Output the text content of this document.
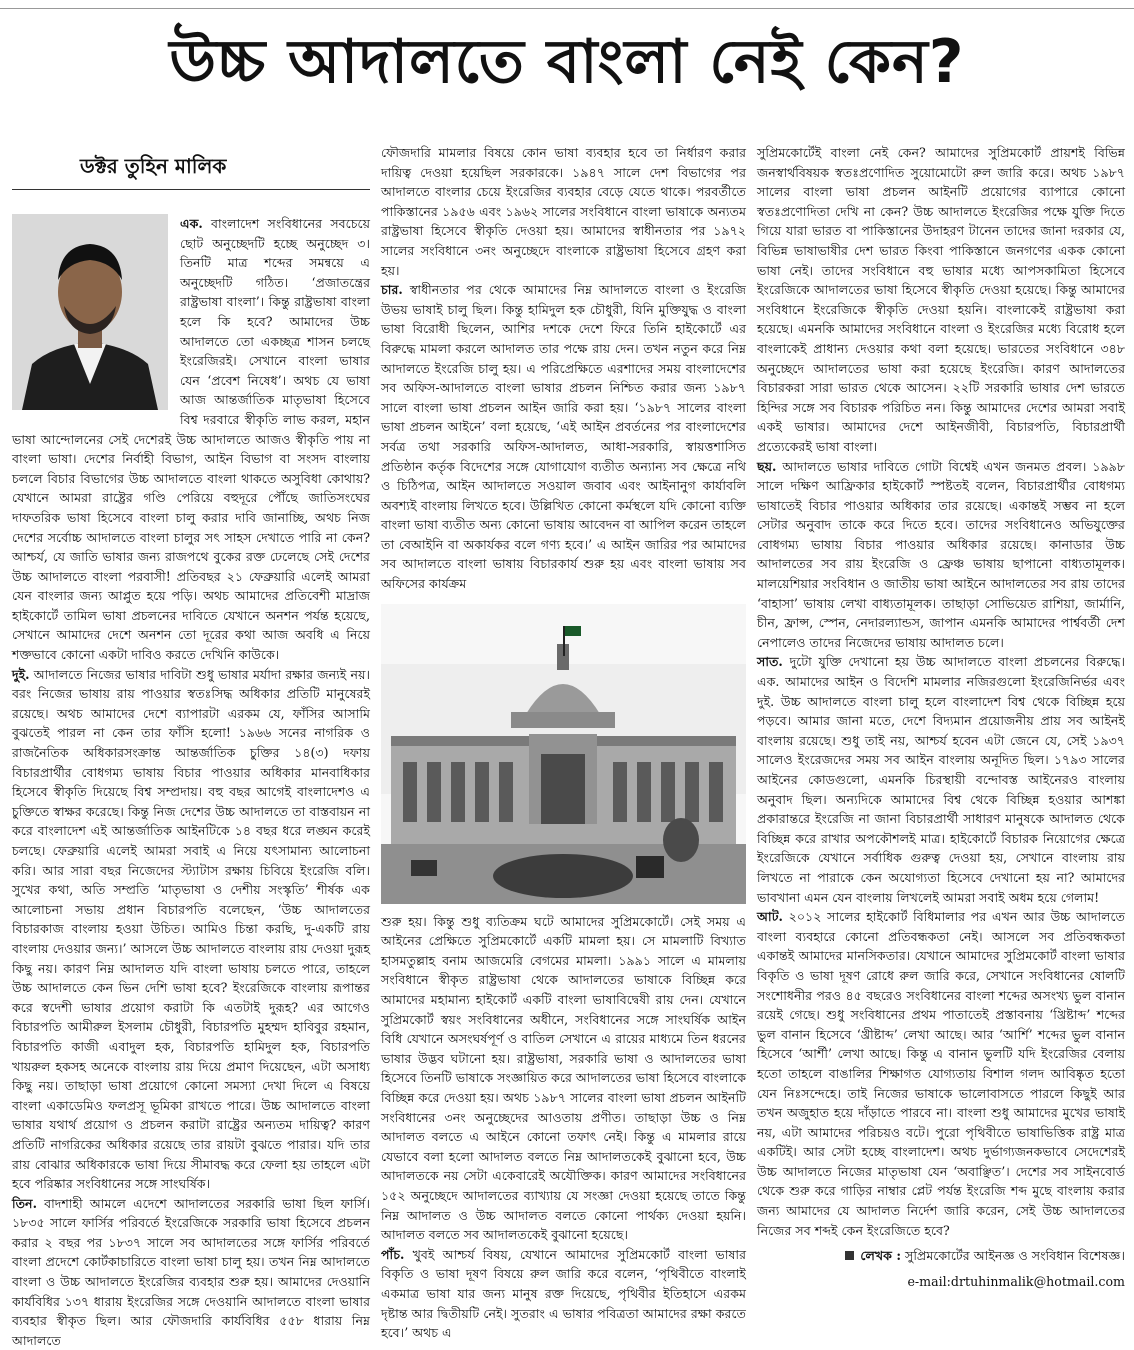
উচ্চ আদালতে বাংলা নেই কেন?
ডক্টর তুহিন মালিক

এক. বাংলাদেশ সংবিধানের সবচেয়ে ছোট অনুচ্ছেদটি হচ্ছে অনুচ্ছেদ ৩। তিনটি মাত্র শব্দের সমন্বয়ে এ অনুচ্ছেদটি গঠিত। ‘প্রজাতন্ত্রের রাষ্ট্রভাষা বাংলা’। কিন্তু রাষ্ট্রভাষা বাংলা হলে কি হবে? আমাদের উচ্চ আদালতে তো একচ্ছত্র শাসন চলছে ইংরেজিরই। সেখানে বাংলা ভাষার যেন ‘প্রবেশ নিষেধ’। অথচ যে ভাষা আজ আন্তর্জাতিক মাতৃভাষা হিসেবে বিশ্ব দরবারে স্বীকৃতি লাভ করল, মহান ভাষা আন্দোলনের সেই দেশেরই উচ্চ আদালতে আজও স্বীকৃতি পায় না বাংলা ভাষা। দেশের নির্বাহী বিভাগ, আইন বিভাগ বা সংসদ বাংলায় চললে বিচার বিভাগের উচ্চ আদালতে বাংলা থাকতে অসুবিধা কোথায়? যেখানে আমরা রাষ্ট্রের গণ্ডি পেরিয়ে বহুদূরে পৌঁছে জাতিসংঘের দাফতরিক ভাষা হিসেবে বাংলা চালু করার দাবি জানাচ্ছি, অথচ নিজ দেশের সর্বোচ্চ আদালতে বাংলা চালুর সৎ সাহস দেখাতে পারি না কেন? আশ্চর্য, যে জাতি ভাষার জন্য রাজপথে বুকের রক্ত ঢেলেছে সেই দেশের উচ্চ আদালতে বাংলা পরবাসী! প্রতিবছর ২১ ফেব্রুয়ারি এলেই আমরা যেন বাংলার জন্য আপ্লুত হয়ে পড়ি। অথচ আমাদের প্রতিবেশী মাদ্রাজ হাইকোর্টে তামিল ভাষা প্রচলনের দাবিতে যেখানে অনশন পর্যন্ত হয়েছে, সেখানে আমাদের দেশে অনশন তো দূরের কথা আজ অবধি এ নিয়ে শক্তভাবে কোনো একটা দাবিও করতে দেখিনি কাউকে।

দুই. আদালতে নিজের ভাষার দাবিটা শুধু ভাষার মর্যাদা রক্ষার জন্যই নয়। বরং নিজের ভাষায় রায় পাওয়ার স্বতঃসিদ্ধ অধিকার প্রতিটি মানুষেরই রয়েছে। অথচ আমাদের দেশে ব্যাপারটা এরকম যে, ফাঁসির আসামি বুঝতেই পারল না কেন তার ফাঁসি হলো! ১৯৬৬ সনের নাগরিক ও রাজনৈতিক অধিকারসংক্রান্ত আন্তর্জাতিক চুক্তির ১৪(৩) দফায় বিচারপ্রার্থীর বোধগম্য ভাষায় বিচার পাওয়ার অধিকার মানবাধিকার হিসেবে স্বীকৃতি দিয়েছে বিশ্ব সম্প্রদায়। বহু বছর আগেই বাংলাদেশও এ চুক্তিতে স্বাক্ষর করেছে। কিন্তু নিজ দেশের উচ্চ আদালতে তা বাস্তবায়ন না করে বাংলাদেশ এই আন্তর্জাতিক আইনটিকে ১৪ বছর ধরে লঙ্ঘন করেই চলছে। ফেব্রুয়ারি এলেই আমরা সবাই এ নিয়ে যৎসামান্য আলোচনা করি। আর সারা বছর নিজেদের স্ট্যাটাস রক্ষায় চিবিয়ে ইংরেজি বলি। সুখের কথা, অতি সম্প্রতি ‘মাতৃভাষা ও দেশীয় সংস্কৃতি’ শীর্ষক এক আলোচনা সভায় প্রধান বিচারপতি বলেছেন, ‘উচ্চ আদালতের বিচারকাজ বাংলায় হওয়া উচিত। আমিও চিন্তা করছি, দু-একটি রায় বাংলায় দেওয়ার জন্য।’ আসলে উচ্চ আদালতে বাংলায় রায় দেওয়া দুরূহ কিছু নয়। কারণ নিম্ন আদালত যদি বাংলা ভাষায় চলতে পারে, তাহলে উচ্চ আদালতে কেন ভিন দেশি ভাষা হবে? ইংরেজিকে বাংলায় রূপান্তর করে স্বদেশী ভাষার প্রয়োগ করাটা কি এতটাই দুরূহ? এর আগেও বিচারপতি আমীরুল ইসলাম চৌধুরী, বিচারপতি মুহম্মদ হাবিবুর রহমান, বিচারপতি কাজী এবাদুল হক, বিচারপতি হামিদুল হক, বিচারপতি খায়রুল হকসহ অনেকে বাংলায় রায় দিয়ে প্রমাণ দিয়েছেন, এটা অসাধ্য কিছু নয়। তাছাড়া ভাষা প্রয়োগে কোনো সমস্যা দেখা দিলে এ বিষয়ে বাংলা একাডেমিও ফলপ্রসূ ভূমিকা রাখতে পারে। উচ্চ আদালতে বাংলা ভাষার যথার্থ প্রয়োগ ও প্রচলন করাটা রাষ্ট্রের অন্যতম দায়িত্ব? কারণ প্রতিটি নাগরিকের অধিকার রয়েছে তার রায়টা বুঝতে পারার। যদি তার রায় বোঝার অধিকারকে ভাষা দিয়ে সীমাবদ্ধ করে ফেলা হয় তাহলে এটা হবে পরিষ্কার সংবিধানের সঙ্গে সাংঘর্ষিক।

তিন. বাদশাহী আমলে এদেশে আদালতের সরকারি ভাষা ছিল ফার্সি। ১৮৩৫ সালে ফার্সির পরিবর্তে ইংরেজিকে সরকারি ভাষা হিসেবে প্রচলন করার ২ বছর পর ১৮৩৭ সালে সব আদালতের সঙ্গে ফার্সির পরিবর্তে বাংলা প্রদেশে কোর্টকাচারিতে বাংলা ভাষা চালু হয়। তখন নিম্ন আদালতে বাংলা ও উচ্চ আদালতে ইংরেজির ব্যবহার শুরু হয়। আমাদের দেওয়ানি কার্যবিধির ১৩৭ ধারায় ইংরেজির সঙ্গে দেওয়ানি আদালতে বাংলা ভাষার ব্যবহার স্বীকৃত ছিল। আর ফৌজদারি কার্যবিধির ৫৫৮ ধারায় নিম্ন আদালতে

ফৌজদারি মামলার বিষয়ে কোন ভাষা ব্যবহার হবে তা নির্ধারণ করার দায়িত্ব দেওয়া হয়েছিল সরকারকে। ১৯৪৭ সালে দেশ বিভাগের পর আদালতে বাংলার চেয়ে ইংরেজির ব্যবহার বেড়ে যেতে থাকে। পরবর্তীতে পাকিস্তানের ১৯৫৬ এবং ১৯৬২ সালের সংবিধানে বাংলা ভাষাকে অন্যতম রাষ্ট্রভাষা হিসেবে স্বীকৃতি দেওয়া হয়। আমাদের স্বাধীনতার পর ১৯৭২ সালের সংবিধানে ৩নং অনুচ্ছেদে বাংলাকে রাষ্ট্রভাষা হিসেবে গ্রহণ করা হয়।

চার. স্বাধীনতার পর থেকে আমাদের নিম্ন আদালতে বাংলা ও ইংরেজি উভয় ভাষাই চালু ছিল। কিন্তু হামিদুল হক চৌধুরী, যিনি মুক্তিযুদ্ধ ও বাংলা ভাষা বিরোধী ছিলেন, আশির দশকে দেশে ফিরে তিনি হাইকোর্টে এর বিরুদ্ধে মামলা করলে আদালত তার পক্ষে রায় দেন। তখন নতুন করে নিম্ন আদালতে ইংরেজি চালু হয়। এ পরিপ্রেক্ষিতে এরশাদের সময় বাংলাদেশের সব অফিস-আদালতে বাংলা ভাষার প্রচলন নিশ্চিত করার জন্য ১৯৮৭ সালে বাংলা ভাষা প্রচলন আইন জারি করা হয়। ‘১৯৮৭ সালের বাংলা ভাষা প্রচলন আইনে’ বলা হয়েছে, ‘এই আইন প্রবর্তনের পর বাংলাদেশের সর্বত্র তথা সরকারি অফিস-আদালত, আধা-সরকারি, স্বায়ত্তশাসিত প্রতিষ্ঠান কর্তৃক বিদেশের সঙ্গে যোগাযোগ ব্যতীত অন্যান্য সব ক্ষেত্রে নথি ও চিঠিপত্র, আইন আদালতে সওয়াল জবাব এবং আইনানুগ কার্যাবলি অবশ্যই বাংলায় লিখতে হবে। উল্লিখিত কোনো কর্মস্থলে যদি কোনো ব্যক্তি বাংলা ভাষা ব্যতীত অন্য কোনো ভাষায় আবেদন বা আপিল করেন তাহলে তা বেআইনি বা অকার্যকর বলে গণ্য হবে।’ এ আইন জারির পর আমাদের সব আদালতে বাংলা ভাষায় বিচারকার্য শুরু হয় এবং বাংলা ভাষায় সব অফিসের কার্যক্রম

শুরু হয়। কিন্তু শুধু ব্যতিক্রম ঘটে আমাদের সুপ্রিমকোর্টে। সেই সময় এ আইনের প্রেক্ষিতে সুপ্রিমকোর্টে একটি মামলা হয়। সে মামলাটি বিখ্যাত হাসমতুল্লাহ বনাম আজমেরি বেগমের মামলা। ১৯৯১ সালে এ মামলায় সংবিধানে স্বীকৃত রাষ্ট্রভাষা থেকে আদালতের ভাষাকে বিচ্ছিন্ন করে আমাদের মহামান্য হাইকোর্ট একটি বাংলা ভাষাবিদ্বেষী রায় দেন। যেখানে সুপ্রিমকোর্ট স্বয়ং সংবিধানের অধীনে, সংবিধানের সঙ্গে সাংঘর্ষিক আইন বিধি যেখানে অসংঘর্ষপূর্ণ ও বাতিল সেখানে এ রায়ের মাধ্যমে তিন ধরনের ভাষার উদ্ভব ঘটানো হয়। রাষ্ট্রভাষা, সরকারি ভাষা ও আদালতের ভাষা হিসেবে তিনটি ভাষাকে সংজ্ঞায়িত করে আদালতের ভাষা হিসেবে বাংলাকে বিচ্ছিন্ন করে দেওয়া হয়। অথচ ১৯৮৭ সালের বাংলা ভাষা প্রচলন আইনটি সংবিধানের ৩নং অনুচ্ছেদের আওতায় প্রণীত। তাছাড়া উচ্চ ও নিম্ন আদালত বলতে এ আইনে কোনো তফাৎ নেই। কিন্তু এ মামলার রায়ে যেভাবে বলা হলো আদালত বলতে নিম্ন আদালতকেই বুঝানো হবে, উচ্চ আদালতকে নয় সেটা একেবারেই অযৌক্তিক। কারণ আমাদের সংবিধানের ১৫২ অনুচ্ছেদে আদালতের ব্যাখ্যায় যে সংজ্ঞা দেওয়া হয়েছে তাতে কিন্তু নিম্ন আদালত ও উচ্চ আদালত বলতে কোনো পার্থক্য দেওয়া হয়নি। আদালত বলতে সব আদালতকেই বুঝানো হয়েছে।

পাঁচ. খুবই আশ্চর্য বিষয়, যেখানে আমাদের সুপ্রিমকোর্ট বাংলা ভাষার বিকৃতি ও ভাষা দূষণ বিষয়ে রুল জারি করে বলেন, ‘পৃথিবীতে বাংলাই একমাত্র ভাষা যার জন্য মানুষ রক্ত দিয়েছে, পৃথিবীর ইতিহাসে এরকম দৃষ্টান্ত আর দ্বিতীয়টি নেই। সুতরাং এ ভাষার পবিত্রতা আমাদের রক্ষা করতে হবে।’ অথচ এ

সুপ্রিমকোর্টেই বাংলা নেই কেন? আমাদের সুপ্রিমকোর্ট প্রায়শই বিভিন্ন জনস্বার্থবিষয়ক স্বতঃপ্রণোদিত সুয়োমোটো রুল জারি করে। অথচ ১৯৮৭ সালের বাংলা ভাষা প্রচলন আইনটি প্রয়োগের ব্যাপারে কোনো স্বতঃপ্রণোদিতা দেখি না কেন? উচ্চ আদালতে ইংরেজির পক্ষে যুক্তি দিতে গিয়ে যারা ভারত বা পাকিস্তানের উদাহরণ টানেন তাদের জানা দরকার যে, বিভিন্ন ভাষাভাষীর দেশ ভারত কিংবা পাকিস্তানে জনগণের একক কোনো ভাষা নেই। তাদের সংবিধানে বহু ভাষার মধ্যে আপসকামিতা হিসেবে ইংরেজিকে আদালতের ভাষা হিসেবে স্বীকৃতি দেওয়া হয়েছে। কিন্তু আমাদের সংবিধানে ইংরেজিকে স্বীকৃতি দেওয়া হয়নি। বাংলাকেই রাষ্ট্রভাষা করা হয়েছে। এমনকি আমাদের সংবিধানে বাংলা ও ইংরেজির মধ্যে বিরোধ হলে বাংলাকেই প্রাধান্য দেওয়ার কথা বলা হয়েছে। ভারতের সংবিধানে ৩৪৮ অনুচ্ছেদে আদালতের ভাষা করা হয়েছে ইংরেজি। কারণ আদালতের বিচারকরা সারা ভারত থেকে আসেন। ২২টি সরকারি ভাষার দেশ ভারতে হিন্দির সঙ্গে সব বিচারক পরিচিত নন। কিন্তু আমাদের দেশের আমরা সবাই একই ভাষার। আমাদের দেশে আইনজীবী, বিচারপতি, বিচারপ্রার্থী প্রত্যেকেরই ভাষা বাংলা।

ছয়. আদালতে ভাষার দাবিতে গোটা বিশ্বেই এখন জনমত প্রবল। ১৯৯৮ সালে দক্ষিণ আফ্রিকার হাইকোর্ট স্পষ্টতই বলেন, বিচারপ্রার্থীর বোধগম্য ভাষাতেই বিচার পাওয়ার অধিকার তার রয়েছে। একান্তই সম্ভব না হলে সেটার অনুবাদ তাকে করে দিতে হবে। তাদের সংবিধানেও অভিযুক্তের বোধগম্য ভাষায় বিচার পাওয়ার অধিকার রয়েছে। কানাডার উচ্চ আদালতের সব রায় ইংরেজি ও ফ্রেঞ্চ ভাষায় ছাপানো বাধ্যতামূলক। মালয়েশিয়ার সংবিধান ও জাতীয় ভাষা আইনে আদালতের সব রায় তাদের ‘বাহাসা’ ভাষায় লেখা বাধ্যতামূলক। তাছাড়া সোভিয়েত রাশিয়া, জার্মানি, চীন, ফ্রান্স, স্পেন, নেদারল্যান্ডস, জাপান এমনকি আমাদের পার্শ্ববর্তী দেশ নেপালেও তাদের নিজেদের ভাষায় আদালত চলে।

সাত. দুটো যুক্তি দেখানো হয় উচ্চ আদালতে বাংলা প্রচলনের বিরুদ্ধে। এক. আমাদের আইন ও বিদেশি মামলার নজিরগুলো ইংরেজিনির্ভর এবং দুই. উচ্চ আদালতে বাংলা চালু হলে বাংলাদেশ বিশ্ব থেকে বিচ্ছিন্ন হয়ে পড়বে। আমার জানা মতে, দেশে বিদ্যমান প্রয়োজনীয় প্রায় সব আইনই বাংলায় রয়েছে। শুধু তাই নয়, আশ্চর্য হবেন এটা জেনে যে, সেই ১৯৩৭ সালেও ইংরেজদের সময় সব আইন বাংলায় অনূদিত ছিল। ১৭৯৩ সালের আইনের কোডগুলো, এমনকি চিরস্থায়ী বন্দোবস্ত আইনেরও বাংলায় অনুবাদ ছিল। অন্যদিকে আমাদের বিশ্ব থেকে বিচ্ছিন্ন হওয়ার আশঙ্কা প্রকারান্তরে ইংরেজি না জানা বিচারপ্রার্থী সাধারণ মানুষকে আদালত থেকে বিচ্ছিন্ন করে রাখার অপকৌশলই মাত্র। হাইকোর্টে বিচারক নিয়োগের ক্ষেত্রে ইংরেজিকে যেখানে সর্বাধিক গুরুত্ব দেওয়া হয়, সেখানে বাংলায় রায় লিখতে না পারাকে কেন অযোগ্যতা হিসেবে দেখানো হয় না? আমাদের ভাবখানা এমন যেন বাংলায় লিখলেই আমরা সবাই অধম হয়ে গেলাম!

আট. ২০১২ সালের হাইকোর্ট বিধিমালার পর এখন আর উচ্চ আদালতে বাংলা ব্যবহারে কোনো প্রতিবন্ধকতা নেই। আসলে সব প্রতিবন্ধকতা একান্তই আমাদের মানসিকতার। যেখানে আমাদের সুপ্রিমকোর্ট বাংলা ভাষার বিকৃতি ও ভাষা দূষণ রোধে রুল জারি করে, সেখানে সংবিধানের ষোলটি সংশোধনীর পরও ৪৫ বছরেও সংবিধানের বাংলা শব্দের অসংখ্য ভুল বানান রয়েই গেছে। শুধু সংবিধানের প্রথম পাতাতেই প্রস্তাবনায় ‘খ্রিষ্টাব্দ’ শব্দের ভুল বানান হিসেবে ‘খ্রীষ্টাব্দ’ লেখা আছে। আর ‘আর্শি’ শব্দের ভুল বানান হিসেবে ‘আর্শী’ লেখা আছে। কিন্তু এ বানান ভুলটি যদি ইংরেজির বেলায় হতো তাহলে বাঙালির শিক্ষাগত যোগ্যতায় বিশাল গলদ আবিষ্কৃত হতো যেন নিঃসন্দেহে। তাই নিজের ভাষাকে ভালোবাসতে পারলে কিছুই আর তখন অজুহাত হয়ে দাঁড়াতে পারবে না। বাংলা শুধু আমাদের মুখের ভাষাই নয়, এটা আমাদের পরিচয়ও বটে। পুরো পৃথিবীতে ভাষাভিত্তিক রাষ্ট্র মাত্র একটিই। আর সেটা হচ্ছে বাংলাদেশ। অথচ দুর্ভাগ্যজনকভাবে সেদেশেরই উচ্চ আদালতে নিজের মাতৃভাষা যেন ‘অবাঞ্ছিত’। দেশের সব সাইনবোর্ড থেকে শুরু করে গাড়ির নাম্বার প্লেট পর্যন্ত ইংরেজি শব্দ মুছে বাংলায় করার জন্য আমাদের যে আদালত নির্দেশ জারি করেন, সেই উচ্চ আদালতের নিজের সব শব্দই কেন ইংরেজিতে হবে?

লেখক : সুপ্রিমকোর্টের আইনজ্ঞ ও সংবিধান বিশেষজ্ঞ।
e-mail:drtuhinmalik@hotmail.com
